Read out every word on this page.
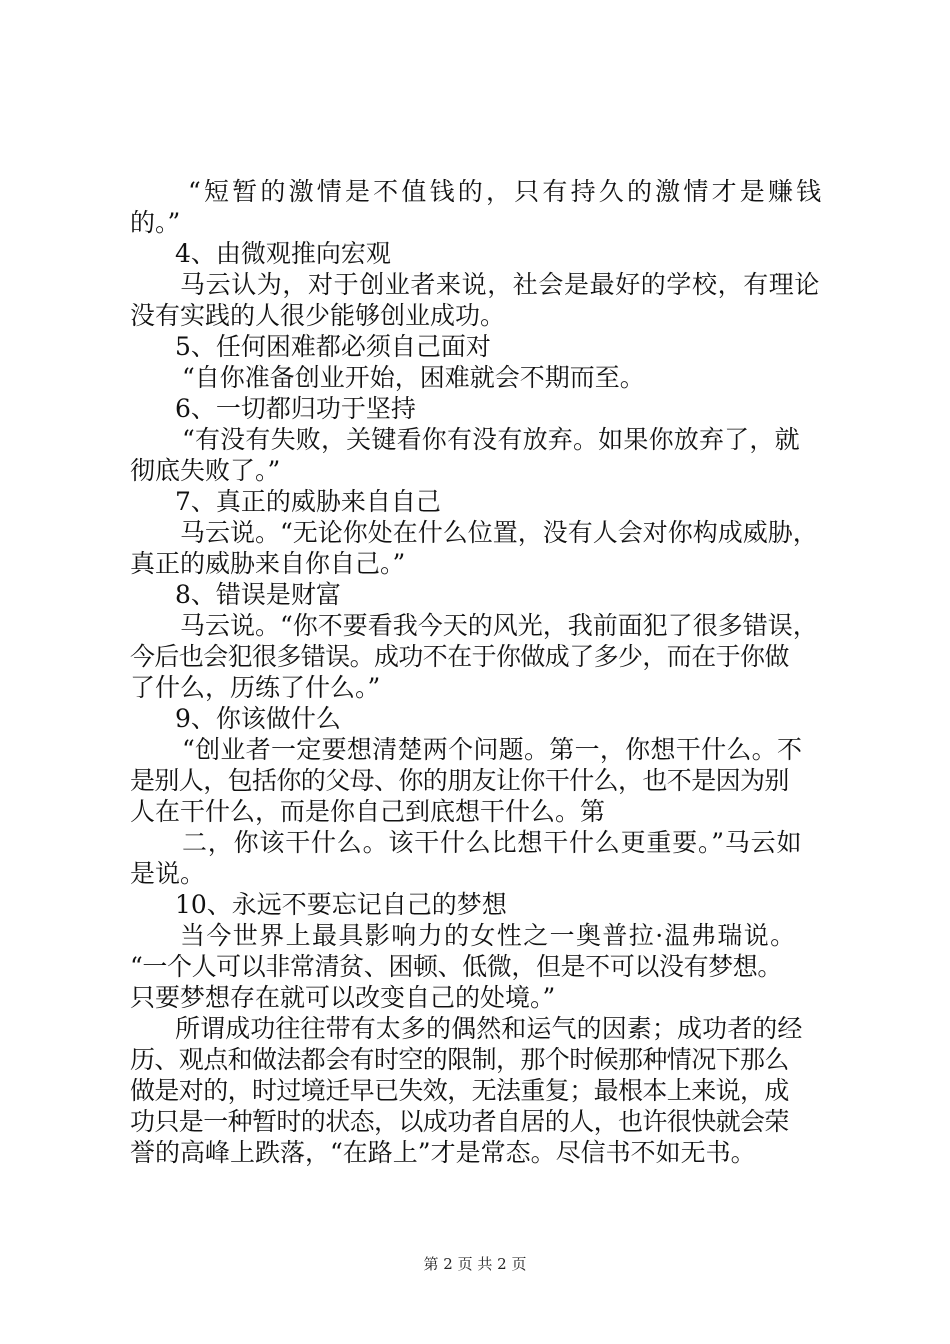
“短暂的激情是不值钱的，只有持久的激情才是赚钱
的。”
4、由微观推向宏观
马云认为，对于创业者来说，社会是最好的学校，有理论
没有实践的人很少能够创业成功。
5、任何困难都必须自己面对
“自你准备创业开始，困难就会不期而至。
6、一切都归功于坚持
“有没有失败，关键看你有没有放弃。如果你放弃了，就
彻底失败了。”
7、真正的威胁来自自己
马云说。“无论你处在什么位置，没有人会对你构成威胁，
真正的威胁来自你自己。”
8、错误是财富
马云说。“你不要看我今天的风光，我前面犯了很多错误，
今后也会犯很多错误。成功不在于你做成了多少，而在于你做
了什么，历练了什么。”
9、你该做什么
“创业者一定要想清楚两个问题。第一，你想干什么。不
是别人，包括你的父母、你的朋友让你干什么，也不是因为别
人在干什么，而是你自己到底想干什么。第
二，你该干什么。该干什么比想干什么更重要。”马云如
是说。
10、永远不要忘记自己的梦想
当今世界上最具影响力的女性之一奥普拉·温弗瑞说。
“一个人可以非常清贫、困顿、低微，但是不可以没有梦想。
只要梦想存在就可以改变自己的处境。”
所谓成功往往带有太多的偶然和运气的因素；成功者的经
历、观点和做法都会有时空的限制，那个时候那种情况下那么
做是对的，时过境迁早已失效，无法重复；最根本上来说，成
功只是一种暂时的状态，以成功者自居的人，也许很快就会荣
誉的高峰上跌落，“在路上”才是常态。尽信书不如无书。
第 2 页 共 2 页
